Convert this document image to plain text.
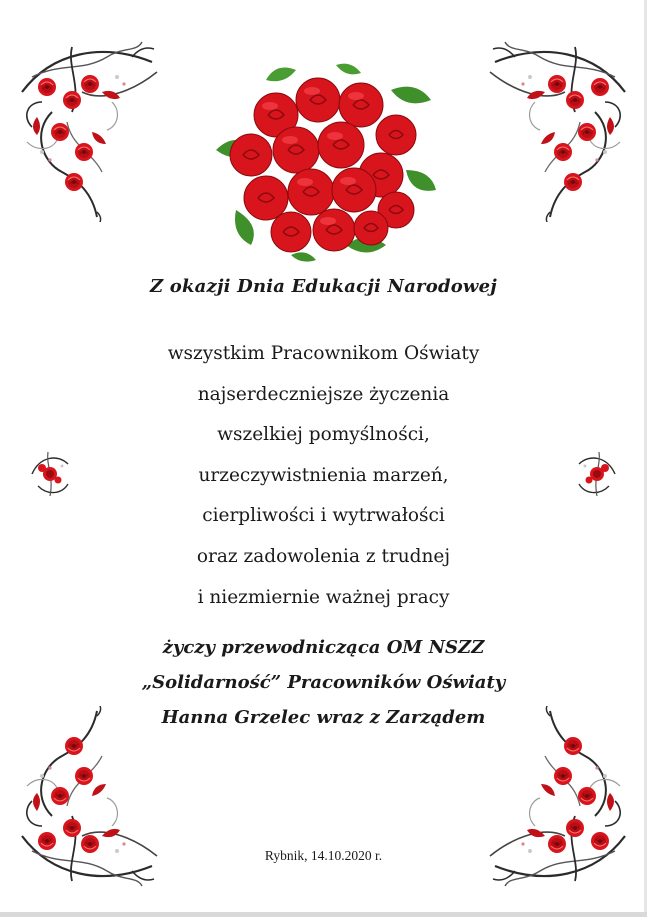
Z okazji Dnia Edukacji Narodowej
wszystkim Pracownikom Oświaty
najserdeczniejsze życzenia
wszelkiej pomyślności,
urzeczywistnienia marzeń,
cierpliwości i wytrwałości
oraz zadowolenia z trudnej
i niezmiernie ważnej pracy
życzy przewodnicząca OM NSZZ
„Solidarność” Pracowników Oświaty
Hanna Grzelec wraz z Zarządem
Rybnik, 14.10.2020 r.
